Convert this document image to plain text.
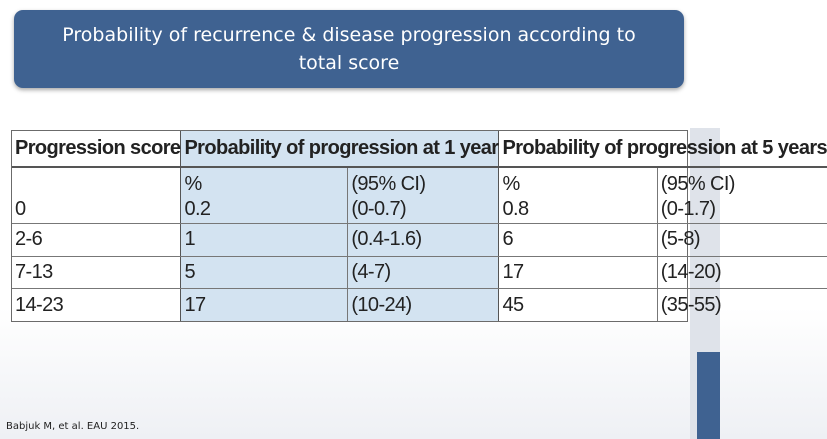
Probability of recurrence & disease progression according to total score
Progression score	Probability of progression at 1 year		Probability of progression at 5 years	
	%	(95% CI)	%	(95% CI)
0	0.2	(0-0.7)	0.8	(0-1.7)
2-6	1	(0.4-1.6)	6	(5-8)
7-13	5	(4-7)	17	(14-20)
14-23	17	(10-24)	45	(35-55)
Babjuk M, et al. EAU 2015.
